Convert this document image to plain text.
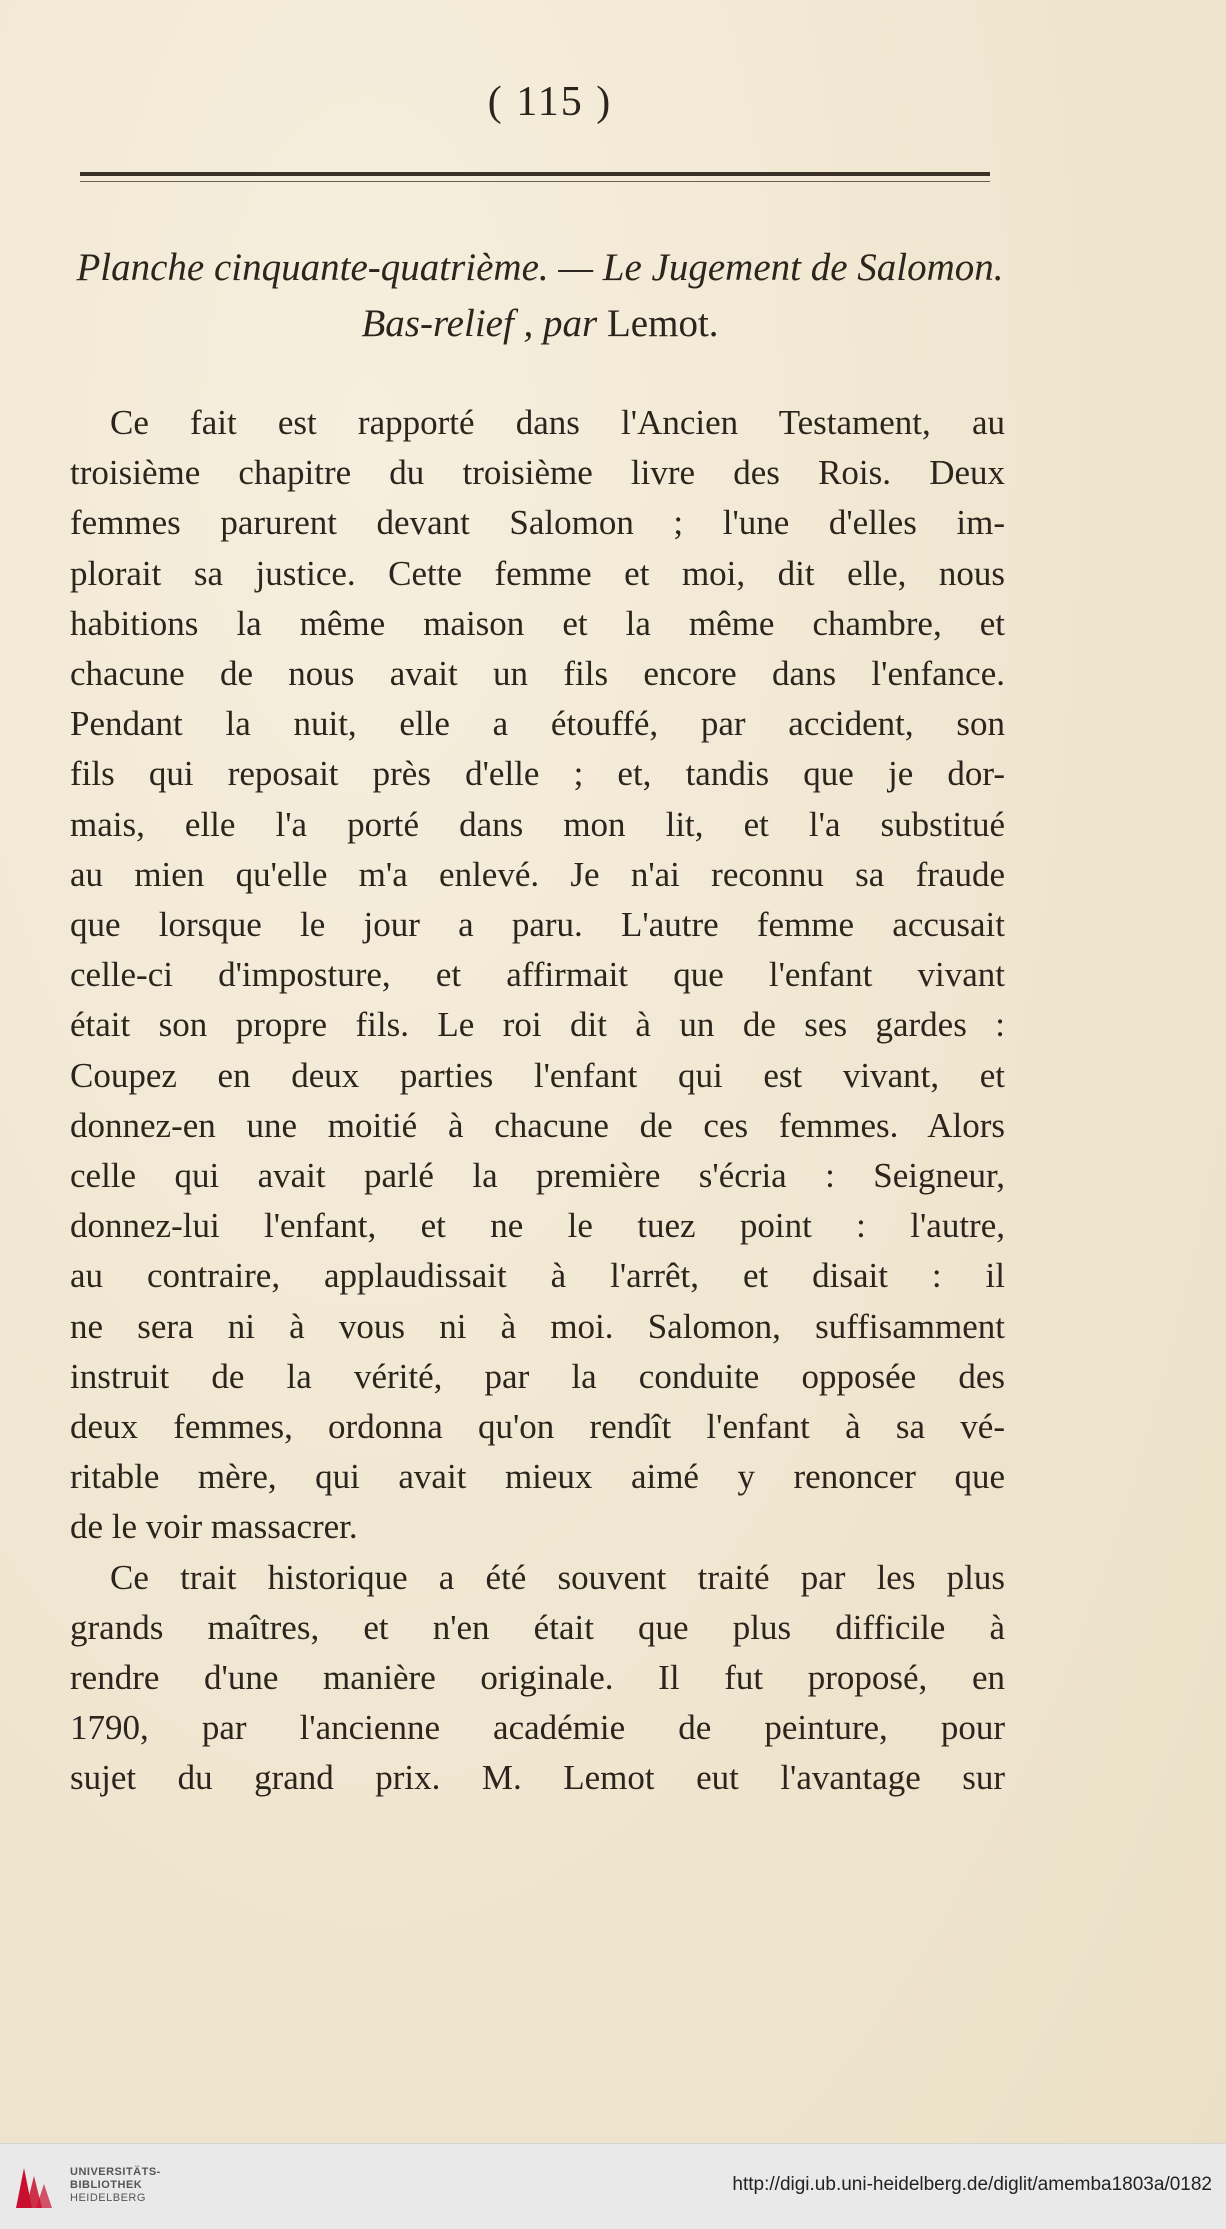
( 115 )
Planche cinquante-quatrième. — Le Jugement de Salomon.
Bas-relief , par Lemot.
Ce fait est rapporté dans l'Ancien Testament, au
troisième chapitre du troisième livre des Rois. Deux
femmes parurent devant Salomon ; l'une d'elles im-
plorait sa justice. Cette femme et moi, dit elle, nous
habitions la même maison et la même chambre, et
chacune de nous avait un fils encore dans l'enfance.
Pendant la nuit, elle a étouffé, par accident, son
fils qui reposait près d'elle ; et, tandis que je dor-
mais, elle l'a porté dans mon lit, et l'a substitué
au mien qu'elle m'a enlevé. Je n'ai reconnu sa fraude
que lorsque le jour a paru. L'autre femme accusait
celle-ci d'imposture, et affirmait que l'enfant vivant
était son propre fils. Le roi dit à un de ses gardes :
Coupez en deux parties l'enfant qui est vivant, et
donnez-en une moitié à chacune de ces femmes. Alors
celle qui avait parlé la première s'écria : Seigneur,
donnez-lui l'enfant, et ne le tuez point : l'autre,
au contraire, applaudissait à l'arrêt, et disait : il
ne sera ni à vous ni à moi. Salomon, suffisamment
instruit de la vérité, par la conduite opposée des
deux femmes, ordonna qu'on rendît l'enfant à sa vé-
ritable mère, qui avait mieux aimé y renoncer que
de le voir massacrer.
Ce trait historique a été souvent traité par les plus
grands maîtres, et n'en était que plus difficile à
rendre d'une manière originale. Il fut proposé, en
1790, par l'ancienne académie de peinture, pour
sujet du grand prix. M. Lemot eut l'avantage sur
UNIVERSITÄTS-
BIBLIOTHEK
HEIDELBERG
http://digi.ub.uni-heidelberg.de/diglit/amemba1803a/0182
